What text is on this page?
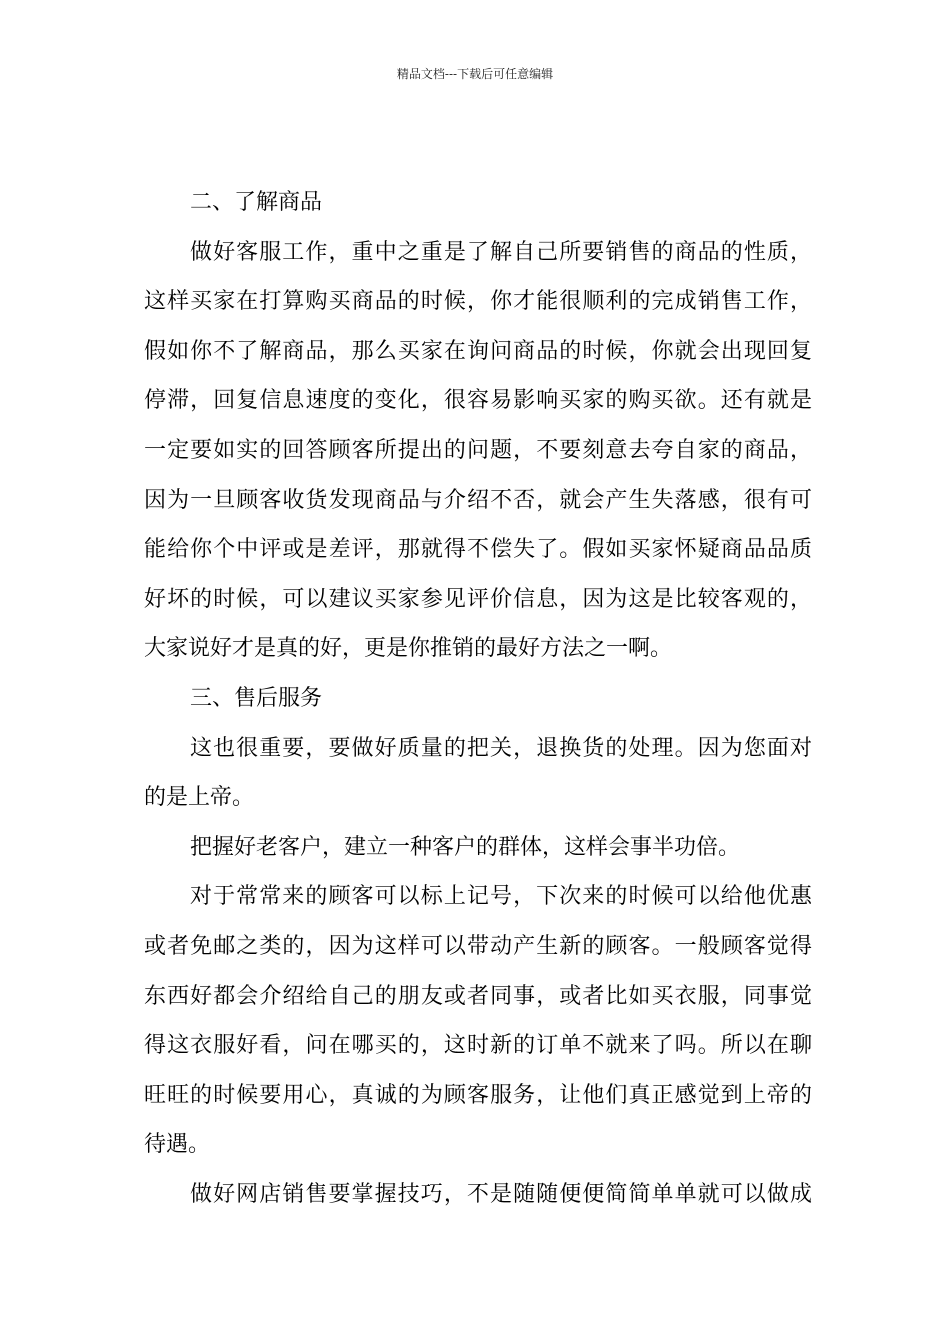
精品文档---下载后可任意编辑
二、了解商品
做好客服工作，重中之重是了解自己所要销售的商品的性质，
这样买家在打算购买商品的时候，你才能很顺利的完成销售工作，
假如你不了解商品，那么买家在询问商品的时候，你就会出现回复
停滞，回复信息速度的变化，很容易影响买家的购买欲。还有就是
一定要如实的回答顾客所提出的问题，不要刻意去夸自家的商品，
因为一旦顾客收货发现商品与介绍不否，就会产生失落感，很有可
能给你个中评或是差评，那就得不偿失了。假如买家怀疑商品品质
好坏的时候，可以建议买家参见评价信息，因为这是比较客观的，
大家说好才是真的好，更是你推销的最好方法之一啊。
三、售后服务
这也很重要，要做好质量的把关，退换货的处理。因为您面对
的是上帝。
把握好老客户，建立一种客户的群体，这样会事半功倍。
对于常常来的顾客可以标上记号，下次来的时候可以给他优惠
或者免邮之类的，因为这样可以带动产生新的顾客。一般顾客觉得
东西好都会介绍给自己的朋友或者同事，或者比如买衣服，同事觉
得这衣服好看，问在哪买的，这时新的订单不就来了吗。所以在聊
旺旺的时候要用心，真诚的为顾客服务，让他们真正感觉到上帝的
待遇。
做好网店销售要掌握技巧，不是随随便便简简单单就可以做成
